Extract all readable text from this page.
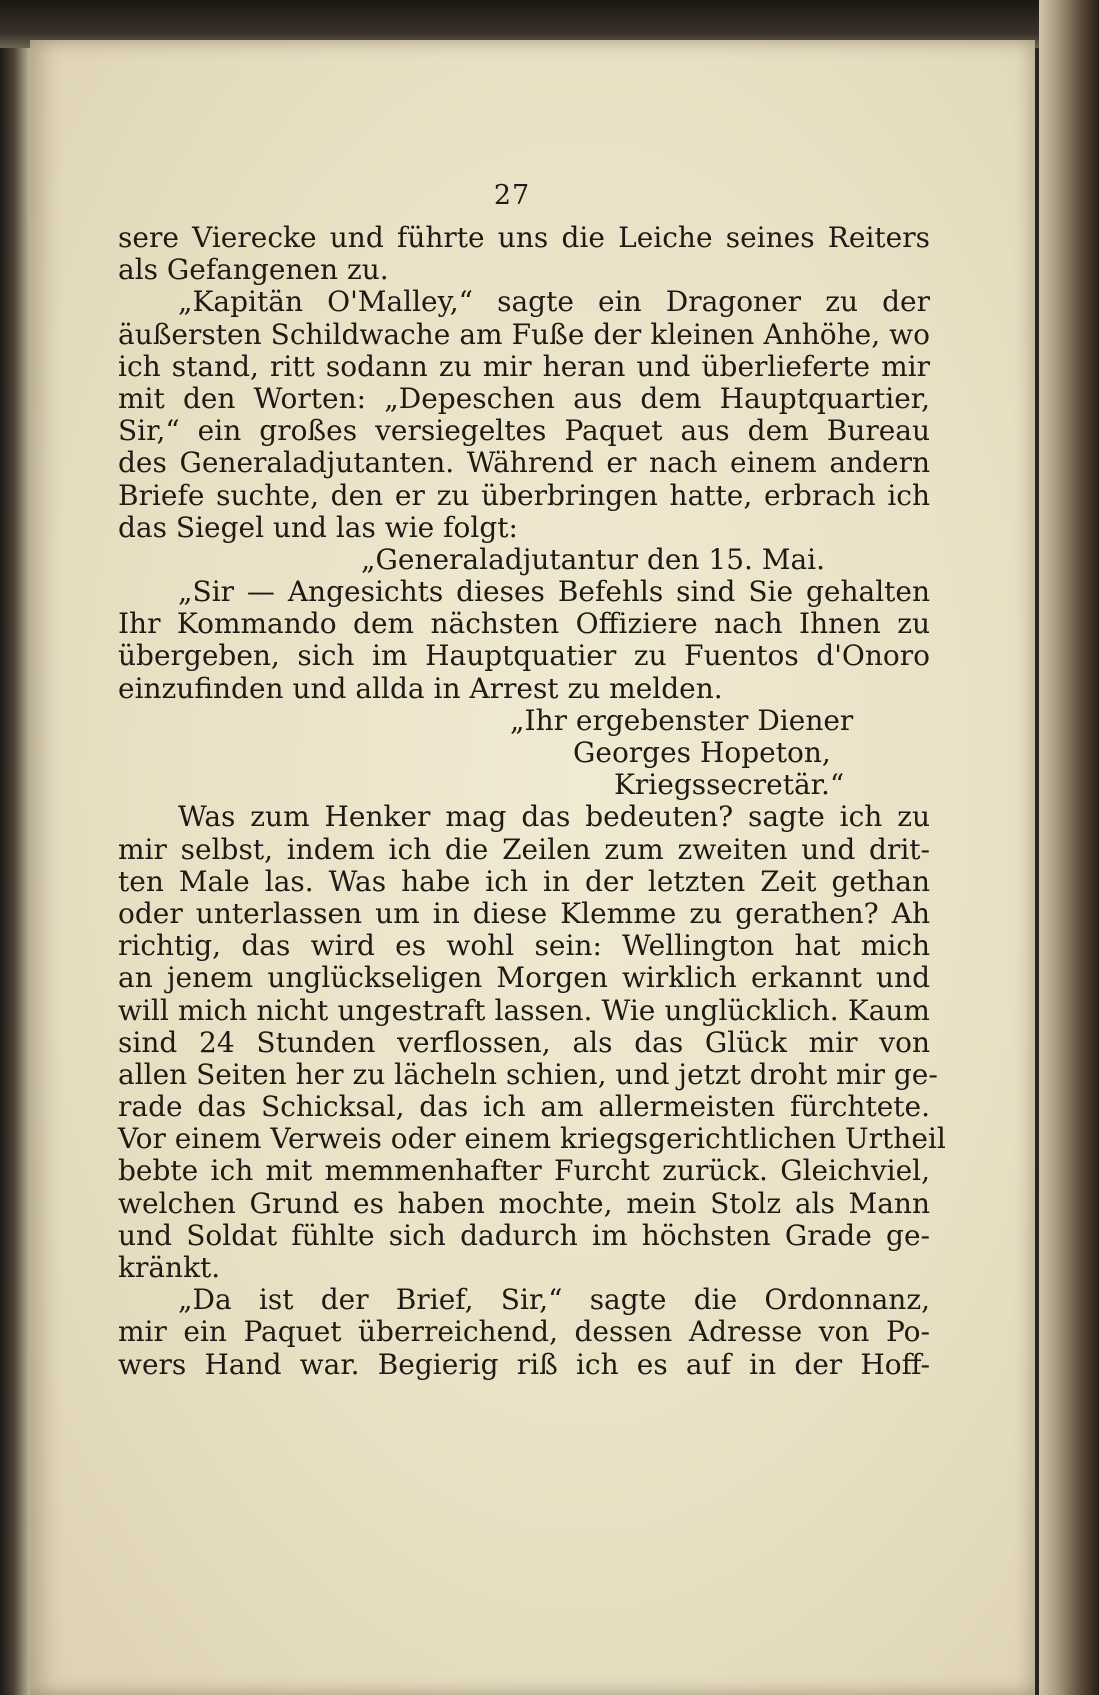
27
sere Vierecke und führte uns die Leiche seines Reiters
als Gefangenen zu.
„Kapitän O'Malley,“ sagte ein Dragoner zu der
äußersten Schildwache am Fuße der kleinen Anhöhe, wo
ich stand, ritt sodann zu mir heran und überlieferte mir
mit den Worten: „Depeschen aus dem Hauptquartier,
Sir,“ ein großes versiegeltes Paquet aus dem Bureau
des Generaladjutanten. Während er nach einem andern
Briefe suchte, den er zu überbringen hatte, erbrach ich
das Siegel und las wie folgt:
„Generaladjutantur den 15. Mai.
„Sir — Angesichts dieses Befehls sind Sie gehalten
Ihr Kommando dem nächsten Offiziere nach Ihnen zu
übergeben, sich im Hauptquatier zu Fuentos d'Onoro
einzufinden und allda in Arrest zu melden.
„Ihr ergebenster Diener
Georges Hopeton,
Kriegssecretär.“
Was zum Henker mag das bedeuten? sagte ich zu
mir selbst, indem ich die Zeilen zum zweiten und drit-
ten Male las. Was habe ich in der letzten Zeit gethan
oder unterlassen um in diese Klemme zu gerathen? Ah
richtig, das wird es wohl sein: Wellington hat mich
an jenem unglückseligen Morgen wirklich erkannt und
will mich nicht ungestraft lassen. Wie unglücklich. Kaum
sind 24 Stunden verflossen, als das Glück mir von
allen Seiten her zu lächeln schien, und jetzt droht mir ge-
rade das Schicksal, das ich am allermeisten fürchtete.
Vor einem Verweis oder einem kriegsgerichtlichen Urtheil
bebte ich mit memmenhafter Furcht zurück. Gleichviel,
welchen Grund es haben mochte, mein Stolz als Mann
und Soldat fühlte sich dadurch im höchsten Grade ge-
kränkt.
„Da ist der Brief, Sir,“ sagte die Ordonnanz,
mir ein Paquet überreichend, dessen Adresse von Po-
wers Hand war. Begierig riß ich es auf in der Hoff-
